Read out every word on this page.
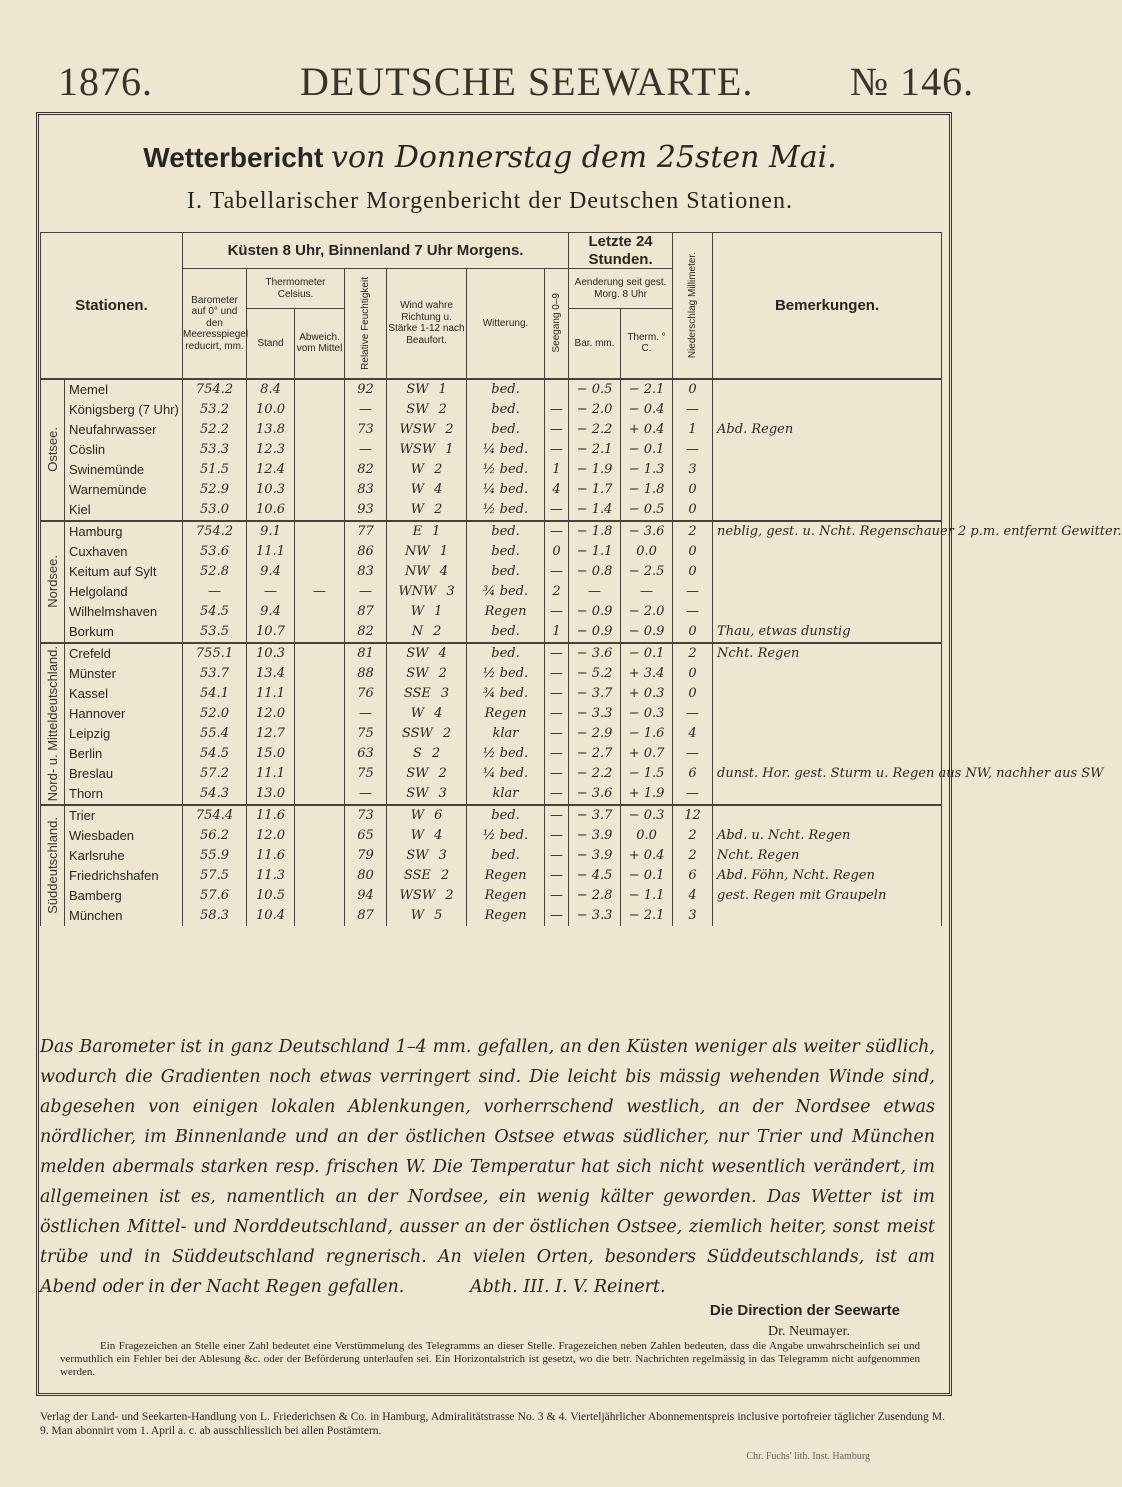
1876.	DEUTSCHE SEEWARTE. № 146.
Wetterbericht von Donnerstag dem 25sten Mai.
I. Tabellarischer Morgenbericht der Deutschen Stationen.
Stationen.		Küsten 8 Uhr, Binnenland 7 Uhr Morgens.							Letzte 24 Stunden.		Niederschlag Millimeter.	Bemerkungen.
		Barometer auf 0° und den Meeresspiegel reducirt, mm.	Thermometer Celsius.		Relative Feuchtigkeit	Wind wahre Richtung u. Stärke 1-12 nach Beaufort.	Witterung.	Seegang 0–9	Aenderung seit gest. Morg. 8 Uhr			
			Stand	Abweich. vom Mittel					Bar. mm.	Therm. ° C.		

Ostsee.	Memel	754.2	8.4		92	SW 1	bed.		− 0.5	− 2.1	0	Abd. Regen

	Königsberg (7 Uhr)	53.2	10.0		—	SW 2	bed.	—	− 2.0	− 0.4	—	
	Neufahrwasser	52.2	13.8		73	WSW 2	bed.	—	− 2.2	+ 0.4	1	
	Cöslin	53.3	12.3		—	WSW 1	¼ bed.	—	− 2.1	− 0.1	—	
	Swinemünde	51.5	12.4		82	W 2	½ bed.	1	− 1.9	− 1.3	3	
	Warnemünde	52.9	10.3		83	W 4	¼ bed.	4	− 1.7	− 1.8	0	
	Kiel	53.0	10.6		93	W 2	½ bed.	—	− 1.4	− 0.5	0	

Nordsee.	Hamburg	754.2	9.1		77	E 1	bed.	—	− 1.8	− 3.6	2	neblig, gest. u. Ncht. Regenschauer 2 p.m. entfernt Gewitter.
	Cuxhaven	53.6	11.1		86	NW 1	bed.	0	− 1.1	0.0	0	
	Keitum auf Sylt	52.8	9.4		83	NW 4	bed.	—	− 0.8	− 2.5	0	
	Helgoland	—	—	—	—	WNW 3	¾ bed.	2	—	—	—	
	Wilhelmshaven	54.5	9.4		87	W 1	Regen	—	− 0.9	− 2.0	—	
	Borkum	53.5	10.7		82	N 2	bed.	1	− 0.9	− 0.9	0	Thau, etwas dunstig

Nord- u. Mitteldeutschland.	Crefeld	755.1	10.3		81	SW 4	bed.	—	− 3.6	− 0.1	2	Ncht. Regen
	Münster	53.7	13.4		88	SW 2	½ bed.	—	− 5.2	+ 3.4	0	
	Kassel	54.1	11.1		76	SSE 3	¾ bed.	—	− 3.7	+ 0.3	0	
	Hannover	52.0	12.0		—	W 4	Regen	—	− 3.3	− 0.3	—	
	Leipzig	55.4	12.7		75	SSW 2	klar	—	− 2.9	− 1.6	4	
	Berlin	54.5	15.0		63	S 2	½ bed.	—	− 2.7	+ 0.7	—	
	Breslau	57.2	11.1		75	SW 2	¼ bed.	—	− 2.2	− 1.5	6	dunst. Hor. gest. Sturm u. Regen aus NW, nachher aus SW
	Thorn	54.3	13.0		—	SW 3	klar	—	− 3.6	+ 1.9	—	

Süddeutschland.	Trier	754.4	11.6		73	W 6	bed.	—	− 3.7	− 0.3	12	
	Wiesbaden	56.2	12.0		65	W 4	½ bed.	—	− 3.9	0.0	2	Abd. u. Ncht. Regen
	Karlsruhe	55.9	11.6		79	SW 3	bed.	—	− 3.9	+ 0.4	2	Ncht. Regen
	Friedrichshafen	57.5	11.3		80	SSE 2	Regen	—	− 4.5	− 0.1	6	Abd. Föhn, Ncht. Regen
	Bamberg	57.6	10.5		94	WSW 2	Regen	—	− 2.8	− 1.1	4	gest. Regen mit Graupeln
	München	58.3	10.4		87	W 5	Regen	—	− 3.3	− 2.1	3	
Das Barometer ist in ganz Deutschland 1–4 mm. gefallen, an den Küsten weniger als weiter südlich, wodurch die Gradienten noch etwas verringert sind. Die leicht bis mässig wehenden Winde sind, abgesehen von einigen lokalen Ablenkungen, vorherrschend westlich, an der Nordsee etwas nördlicher, im Binnenlande und an der östlichen Ostsee etwas südlicher, nur Trier und München melden abermals starken resp. frischen W. Die Temperatur hat sich nicht wesentlich verändert, im allgemeinen ist es, namentlich an der Nordsee, ein wenig kälter geworden. Das Wetter ist im östlichen Mittel- und Norddeutschland, ausser an der östlichen Ostsee, ziemlich heiter, sonst meist trübe und in Süddeutschland regnerisch. An vielen Orten, besonders Süddeutschlands, ist am Abend oder in der Nacht Regen gefallen.	Abth. III. I. V. Reinert.
Die Direction der Seewarte
Dr. Neumayer.
Ein Fragezeichen an Stelle einer Zahl bedeutet eine Verstümmelung des Telegramms an dieser Stelle. Fragezeichen neben Zahlen bedeuten, dass die Angabe unwahrscheinlich sei und vermuthlich ein Fehler bei der Ablesung &c. oder der Beförderung unterlaufen sei. Ein Horizontalstrich ist gesetzt, wo die betr. Nachrichten regelmässig in das Telegramm nicht aufgenommen werden.
Verlag der Land- und Seekarten-Handlung von L. Friederichsen & Co. in Hamburg, Admiralitätstrasse No. 3 & 4. Vierteljährlicher Abonnementspreis inclusive portofreier täglicher Zusendung M. 9. Man abonnirt vom 1. April a. c. ab ausschliesslich bei allen Postämtern.
Chr. Fuchs' lith. Inst. Hamburg
